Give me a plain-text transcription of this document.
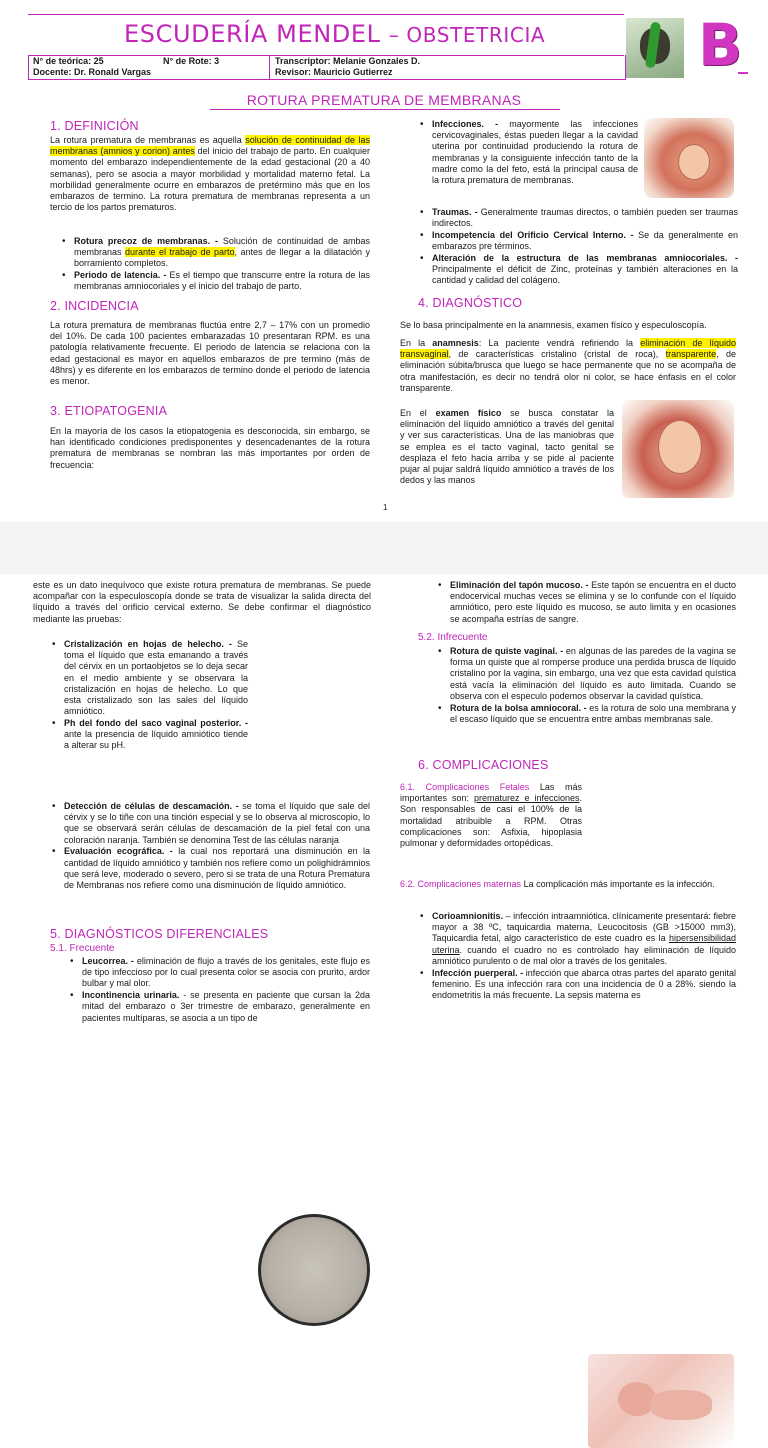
ESCUDERÍA MENDEL – OBSTETRICIA
N° de teórica: 25	N° de Rote: 3	Transcriptor: Melanie Gonzales D.
Docente: Dr. Ronald Vargas	Revisor: Mauricio Gutierrez	B
ROTURA PREMATURA DE MEMBRANAS
1. DEFINICIÓN

La rotura prematura de membranas es aquella solución de continuidad de las membranas (amnios y corion) antes del inicio del trabajo de parto. En cualquier momento del embarazo independientemente de la edad gestacional (20 a 40 semanas), pero se asocia a mayor morbilidad y mortalidad materno fetal. La morbilidad generalmente ocurre en embarazos de pretérmino más que en los embarazos de termino. La rotura prematura de membranas representa a un tercio de los partos prematuros.

• Rotura precoz de membranas. - Solución de continuidad de ambas membranas durante el trabajo de parto, antes de llegar a la dilatación y borramiento completos.
• Periodo de latencia. - Es el tiempo que transcurre entre la rotura de las membranas amniocoriales y el inicio del trabajo de parto.
2. INCIDENCIA
La rotura prematura de membranas fluctúa entre 2,7 – 17% con un promedio del 10%. De cada 100 pacientes embarazadas 10 presentaran RPM. es una patología relativamente frecuente. El periodo de latencia se relaciona con la edad gestacional es mayor en aquellos embarazos de pre termino (más de 48hrs) y es diferente en los embarazos de termino donde el periodo de latencia es menor.
3. ETIOPATOGENIA
En la mayoría de los casos la etiopatogenia es desconocida, sin embargo, se han identificado condiciones predisponentes y desencadenantes de la rotura prematura de membranas se nombran las más importantes por orden de frecuencia:
• Infecciones. - mayormente las infecciones cervicovaginales, éstas pueden llegar a la cavidad uterina por continuidad produciendo la rotura de membranas y la consiguiente infección tanto de la madre como la del feto, está la principal causa de la rotura prematura de membranas.
• Traumas. - Generalmente traumas directos, o también pueden ser traumas indirectos.
• Incompetencia del Orificio Cervical Interno. - Se da generalmente en embarazos pre términos.
• Alteración de la estructura de las membranas amniocoriales. - Principalmente el déficit de Zinc, proteínas y también alteraciones en la cantidad y calidad del colágeno.
4. DIAGNÓSTICO
Se lo basa principalmente en la anamnesis, examen físico y especuloscopía.
En la anamnesis: La paciente vendrá refiriendo la eliminación de líquido transvaginal, de características cristalino (cristal de roca), transparente, de eliminación súbita/brusca que luego se hace permanente que no se acompaña de otra manifestación, es decir no tendrá olor ni color, se hace énfasis en el color transparente.
En el examen físico se busca constatar la eliminación del líquido amniótico a través del genital y ver sus características. Una de las maniobras que se emplea es el tacto vaginal, tacto genital se desplaza el feto hacia arriba y se pide al paciente pujar al pujar saldrá líquido amniótico a través de los dedos y las manos
1
este es un dato inequívoco que existe rotura prematura de membranas. Se puede acompañar con la especuloscopía donde se trata de visualizar la salida directa del líquido a través del orificio cervical externo. Se debe confirmar el diagnóstico mediante las pruebas:
• Cristalización en hojas de helecho. - Se toma el líquido que esta emanando a través del cérvix en un portaobjetos se lo deja secar en el medio ambiente y se observara la cristalización en hojas de helecho. Lo que esta cristalizado son las sales del líquido amniótico.
• Ph del fondo del saco vaginal posterior. - ante la presencia de líquido amniótico tiende a alterar su pH.
• Detección de células de descamación. - se toma el líquido que sale del cérvix y se lo tiñe con una tinción especial y se lo observa al microscopio, lo que se observará serán células de descamación de la piel fetal con una coloración naranja. También se denomina Test de las células naranja
• Evaluación ecográfica. - la cual nos reportará una disminución en la cantidad de líquido amniótico y también nos refiere como un polighidrámnios que será leve, moderado o severo, pero si se trata de una Rotura Prematura de Membranas nos refiere como una disminución de líquido amniótico.
5. DIAGNÓSTICOS DIFERENCIALES
5.1. Frecuente
• Leucorrea. - eliminación de flujo a través de los genitales, este flujo es de tipo infeccioso por lo cual presenta color se asocia con prurito, ardor bulbar y mal olor.
• Incontinencia urinaria. - se presenta en paciente que cursan la 2da mitad del embarazo o 3er trimestre de embarazo, generalmente en pacientes multíparas, se asocia a un tipo de
• Eliminación del tapón mucoso. - Este tapón se encuentra en el ducto endocervical muchas veces se elimina y se lo confunde con el líquido amniótico, pero este líquido es mucoso, se auto limita y en ocasiones se acompaña estrías de sangre.
5.2. Infrecuente
• Rotura de quiste vaginal. - en algunas de las paredes de la vagina se forma un quiste que al romperse produce una perdida brusca de líquido cristalino por la vagina, sin embargo, una vez que esta cavidad quística está vacía la eliminación del líquido es auto limitada. Cuando se observa con el especulo podemos observar la cavidad quística.
• Rotura de la bolsa amniocoral. - es la rotura de solo una membrana y el escaso líquido que se encuentra entre ambas membranas sale.
6. COMPLICACIONES
6.1. Complicaciones Fetales Las más importantes son: prematurez e infecciones. Son responsables de casi el 100% de la mortalidad atribuible a RPM. Otras complicaciones son: Asfixia, hipoplasia pulmonar y deformidades ortopédicas.
6.2. Complicaciones maternas La complicación más importante es la infección.
• Corioamnionitis. – infección intraamniótica. clínicamente presentará: fiebre mayor a 38 ºC, taquicardia materna, Leucocitosis (GB >15000 mm3), Taquicardia fetal, algo característico de este cuadro es la hipersensibilidad uterina. cuando el cuadro no es controlado hay eliminación de líquido amniótico purulento o de mal olor a través de los genitales.
• Infección puerperal. - infección que abarca otras partes del aparato genital femenino. Es una infección rara con una incidencia de 0 a 28%. siendo la endometritis la más frecuente. La sepsis materna es
